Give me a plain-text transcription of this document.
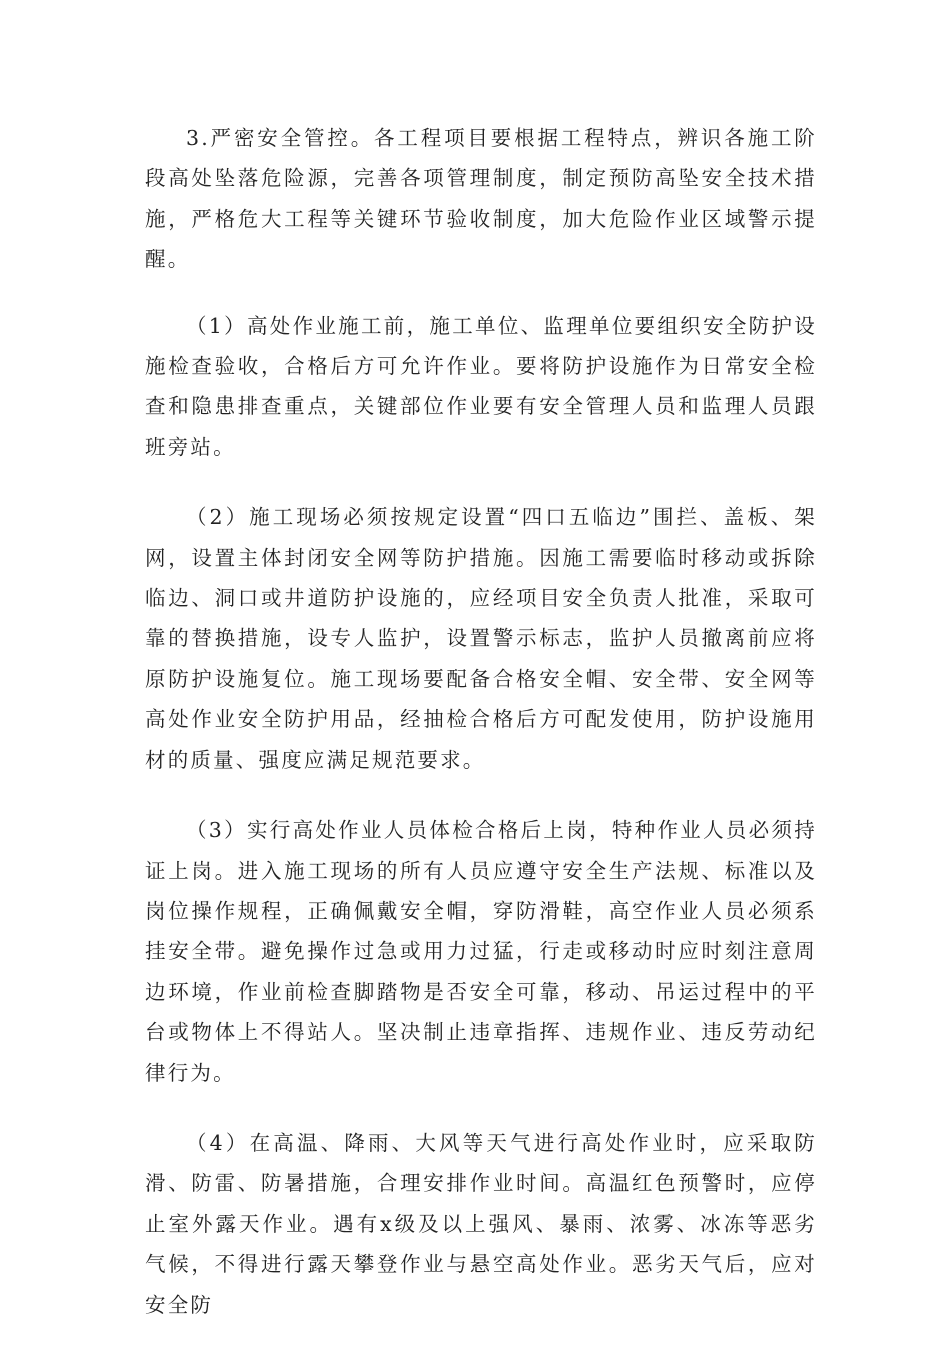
3.严密安全管控。各工程项目要根据工程特点，辨识各施工阶段高处坠落危险源，完善各项管理制度，制定预防高坠安全技术措施，严格危大工程等关键环节验收制度，加大危险作业区域警示提醒。

（1）高处作业施工前，施工单位、监理单位要组织安全防护设施检查验收，合格后方可允许作业。要将防护设施作为日常安全检查和隐患排查重点，关键部位作业要有安全管理人员和监理人员跟班旁站。

（2）施工现场必须按规定设置“四口五临边”围拦、盖板、架网，设置主体封闭安全网等防护措施。因施工需要临时移动或拆除临边、洞口或井道防护设施的，应经项目安全负责人批准，采取可靠的替换措施，设专人监护，设置警示标志，监护人员撤离前应将原防护设施复位。施工现场要配备合格安全帽、安全带、安全网等高处作业安全防护用品，经抽检合格后方可配发使用，防护设施用材的质量、强度应满足规范要求。

（3）实行高处作业人员体检合格后上岗，特种作业人员必须持证上岗。进入施工现场的所有人员应遵守安全生产法规、标准以及岗位操作规程，正确佩戴安全帽，穿防滑鞋，高空作业人员必须系挂安全带。避免操作过急或用力过猛，行走或移动时应时刻注意周边环境，作业前检查脚踏物是否安全可靠，移动、吊运过程中的平台或物体上不得站人。坚决制止违章指挥、违规作业、违反劳动纪律行为。

（4）在高温、降雨、大风等天气进行高处作业时，应采取防滑、防雷、防暑措施，合理安排作业时间。高温红色预警时，应停止室外露天作业。遇有x级及以上强风、暴雨、浓雾、冰冻等恶劣气候，不得进行露天攀登作业与悬空高处作业。恶劣天气后，应对安全防
